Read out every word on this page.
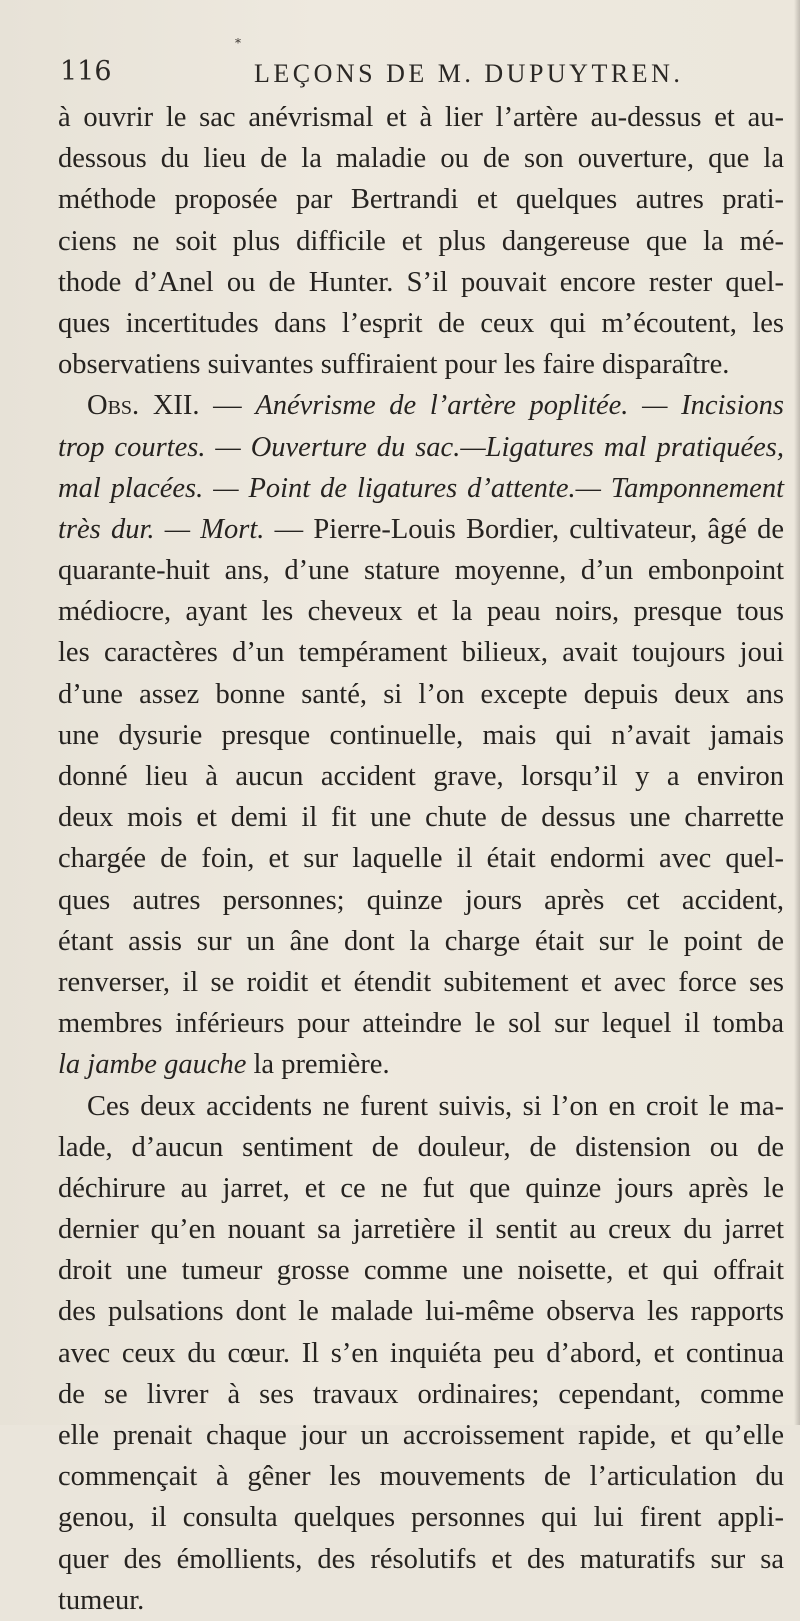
*
116	LEÇONS DE M. DUPUYTREN.
à ouvrir le sac anévrismal et à lier l’artère au-dessus et au-
dessous du lieu de la maladie ou de son ouverture, que la
méthode proposée par Bertrandi et quelques autres prati-
ciens ne soit plus difficile et plus dangereuse que la mé-
thode d’Anel ou de Hunter. S’il pouvait encore rester quel-
ques incertitudes dans l’esprit de ceux qui m’écoutent, les
observatiens suivantes suffiraient pour les faire disparaître.
Obs. XII. — Anévrisme de l’artère poplitée. — Incisions
trop courtes. — Ouverture du sac.—Ligatures mal pratiquées,
mal placées. — Point de ligatures d’attente.— Tamponnement
très dur. — Mort. — Pierre-Louis Bordier, cultivateur, âgé de
quarante-huit ans, d’une stature moyenne, d’un embonpoint
médiocre, ayant les cheveux et la peau noirs, presque tous
les caractères d’un tempérament bilieux, avait toujours joui
d’une assez bonne santé, si l’on excepte depuis deux ans
une dysurie presque continuelle, mais qui n’avait jamais
donné lieu à aucun accident grave, lorsqu’il y a environ
deux mois et demi il fit une chute de dessus une charrette
chargée de foin, et sur laquelle il était endormi avec quel-
ques autres personnes; quinze jours après cet accident,
étant assis sur un âne dont la charge était sur le point de
renverser, il se roidit et étendit subitement et avec force ses
membres inférieurs pour atteindre le sol sur lequel il tomba
la jambe gauche la première.
Ces deux accidents ne furent suivis, si l’on en croit le ma-
lade, d’aucun sentiment de douleur, de distension ou de
déchirure au jarret, et ce ne fut que quinze jours après le
dernier qu’en nouant sa jarretière il sentit au creux du jarret
droit une tumeur grosse comme une noisette, et qui offrait
des pulsations dont le malade lui-même observa les rapports
avec ceux du cœur. Il s’en inquiéta peu d’abord, et continua
de se livrer à ses travaux ordinaires; cependant, comme
elle prenait chaque jour un accroissement rapide, et qu’elle
commençait à gêner les mouvements de l’articulation du
genou, il consulta quelques personnes qui lui firent appli-
quer des émollients, des résolutifs et des maturatifs sur sa
tumeur.
